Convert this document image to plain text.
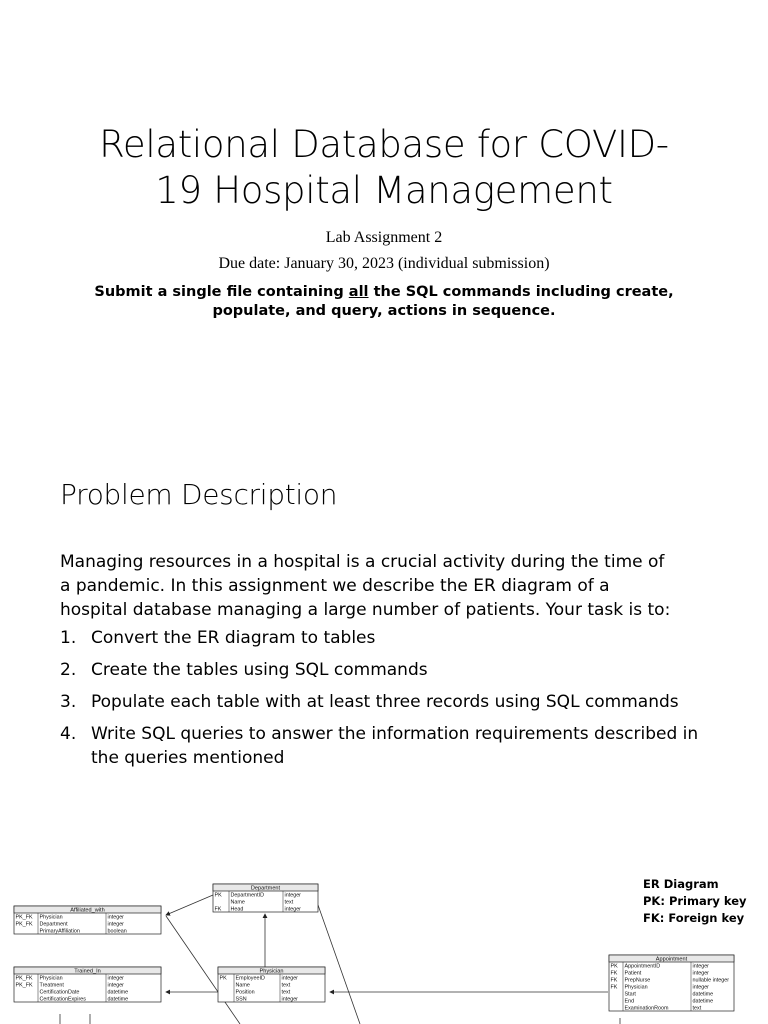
Relational Database for COVID-
19 Hospital Management
Lab Assignment 2
Due date: January 30, 2023 (individual submission)
Submit a single file containing all the SQL commands including create,
populate, and query, actions in sequence.
Problem Description
Managing resources in a hospital is a crucial activity during the time of
a pandemic. In this assignment we describe the ER diagram of a
hospital database managing a large number of patients. Your task is to:
1. Convert the ER diagram to tables
2. Create the tables using SQL commands
3. Populate each table with at least three records using SQL commands
4. Write SQL queries to answer the information requirements described in the queries mentioned
ER Diagram
PK: Primary key
FK: Foreign key
Department
PK DepartmentID	integer
Name	text
FK Head	integer
Affiliated_with
PK_FK Physician	integer
PK_FK Department	integer
PrimaryAffiliation	boolean
Trained_In
PK_FK Physician	integer
PK_FK Treatment	integer
CertificationDate	datetime
CertificationExpires	datetime
Physician
PK EmployeeID	integer
Name	text
Position	text
SSN	integer
Appointment
PK AppointmentID	integer
FK Patient	integer
FK PrepNurse	nullable integer
FK Physician	integer
Start	datetime
End	datetime
ExaminationRoom	text
